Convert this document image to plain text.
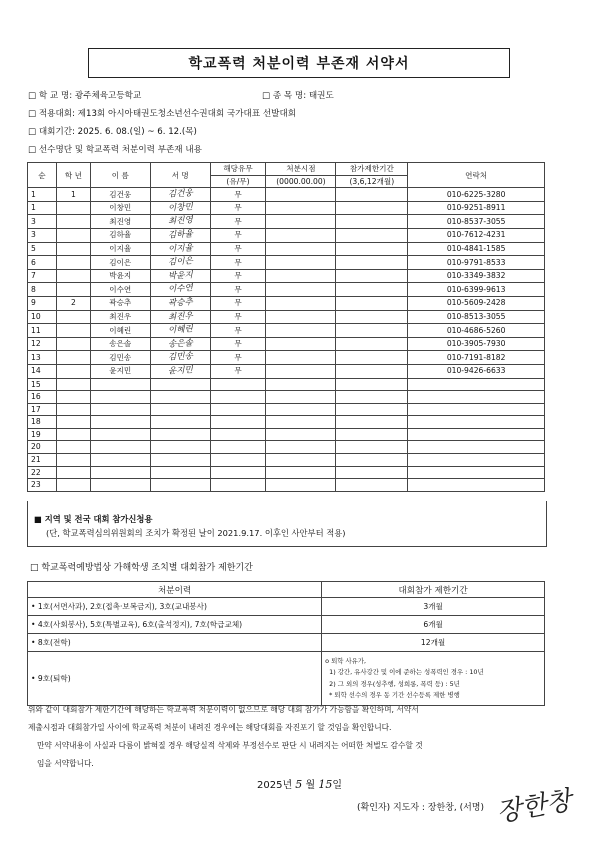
학교폭력 처분이력 부존재 서약서
□ 학 교 명: 광주체육고등학교	□ 종 목 명: 태권도
□ 적용대회: 제13회 아시아태권도청소년선수권대회 국가대표 선발대회
□ 대회기간: 2025. 6. 08.(일) ~ 6. 12.(목)
□ 선수명단 및 학교폭력 처분이력 부존재 내용
순	학 년	이 름	서 명	해당유무	처분시점	참가제한기간	연락처
				(유/무)	(0000.00.00)	(3,6,12개월)	
1	1	김건웅	김건웅	무			010-6225-3280
1		이창민	이창민	무			010-9251-8911
3		최진영	최진영	무			010-8537-3055
3		김하율	김하율	무			010-7612-4231
5		이지율	이지율	무			010-4841-1585
6		김이은	김이은	무			010-9791-8533
7		박윤지	박윤지	무			010-3349-3832
8		이수연	이수연	무			010-6399-9613
9	2	곽승추	곽승추	무			010-5609-2428
10		최진우	최진우	무			010-8513-3055
11		이혜린	이혜린	무			010-4686-5260
12		송은솔	송은솔	무			010-3905-7930
13		김민송	김민송	무			010-7191-8182
14		윤지민	윤지민	무			010-9426-6633
15							
16							
17							
18							
19							
20							
21							
22							
23							
■ 지역 및 전국 대회 참가신청용
(단, 학교폭력심의위원회의 조치가 확정된 날이 2021.9.17. 이후인 사안부터 적용)
□ 학교폭력예방법상 가해학생 조치별 대회참가 제한기간
처분이력	대회참가 제한기간
• 1호(서면사과), 2호(접촉·보복금지), 3호(교내봉사)	3개월
• 4호(사회봉사), 5호(특별교육), 6호(출석정지), 7호(학급교체)	6개월
• 8호(전학)	12개월
• 9호(퇴학)	o 퇴학 사유가,
1) 강간, 유사강간 및 이에 준하는 성폭력인 경우 : 10년
2) 그 외의 경우(성추행, 성희롱, 폭력 등) : 5년
* 퇴학 선수의 경우 동 기간 선수등록 제한 병행
위와 같이 대회참가 제한기간에 해당하는 학교폭력 처분이력이 없으므로 해당 대회 참가가 가능함을 확인하며, 서약서
제출시점과 대회참가일 사이에 학교폭력 처분이 내려진 경우에는 해당대회를 자진포기 할 것임을 확인합니다.
만약 서약내용이 사실과 다름이 밝혀질 경우 해당실적 삭제와 부정선수로 판단 시 내려지는 어떠한 처벌도 감수할 것
임을 서약합니다.
2025년 5 월 15일
(확인자) 지도자 : 장한창, (서명) 장한창
